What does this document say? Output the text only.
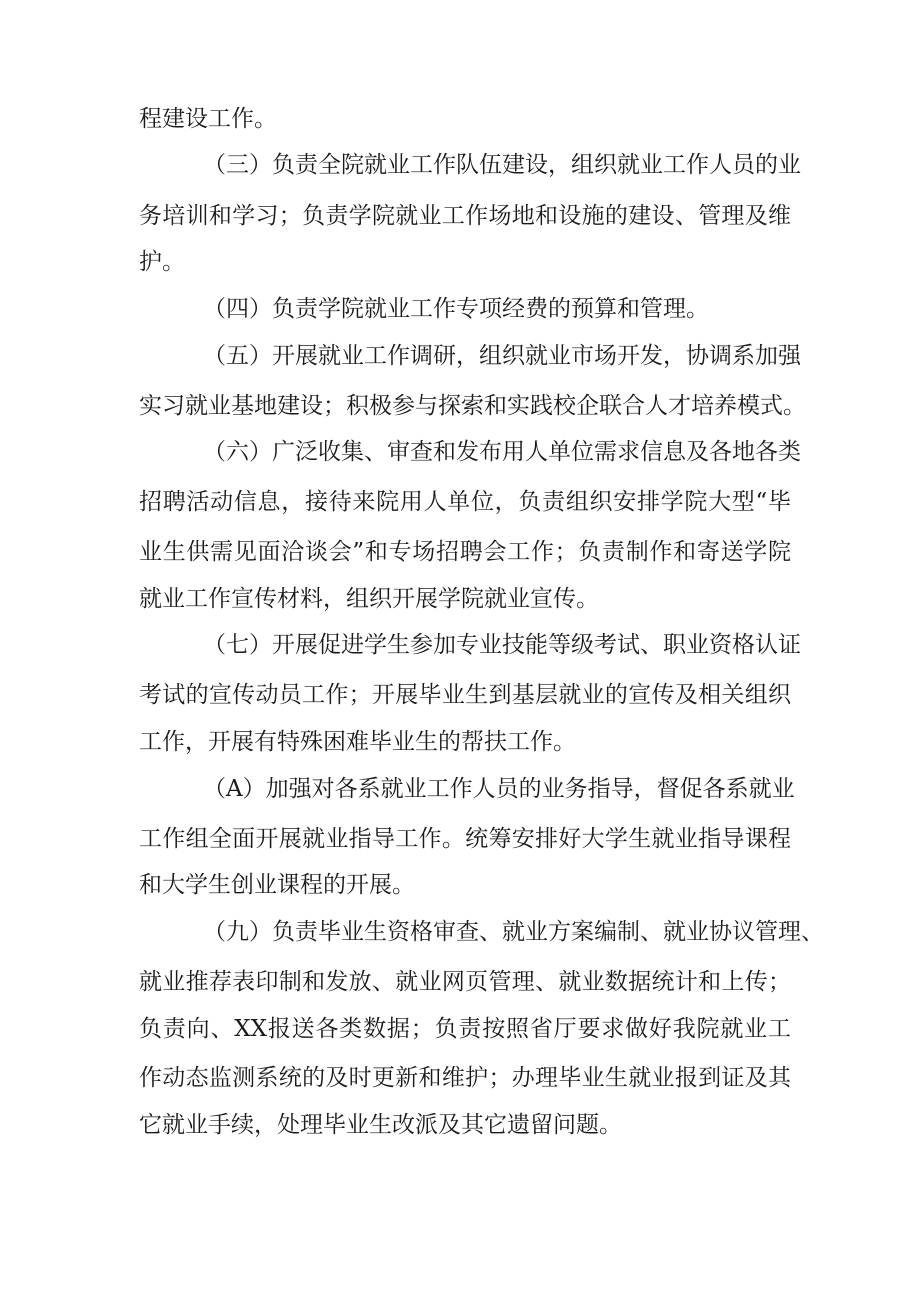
程建设工作。
（三）负责全院就业工作队伍建设，组织就业工作人员的业
务培训和学习；负责学院就业工作场地和设施的建设、管理及维
护。
（四）负责学院就业工作专项经费的预算和管理。
（五）开展就业工作调研，组织就业市场开发，协调系加强
实习就业基地建设；积极参与探索和实践校企联合人才培养模式。
（六）广泛收集、审查和发布用人单位需求信息及各地各类
招聘活动信息，接待来院用人单位，负责组织安排学院大型“毕
业生供需见面洽谈会”和专场招聘会工作；负责制作和寄送学院
就业工作宣传材料，组织开展学院就业宣传。
（七）开展促进学生参加专业技能等级考试、职业资格认证
考试的宣传动员工作；开展毕业生到基层就业的宣传及相关组织
工作，开展有特殊困难毕业生的帮扶工作。
（A）加强对各系就业工作人员的业务指导，督促各系就业
工作组全面开展就业指导工作。统筹安排好大学生就业指导课程
和大学生创业课程的开展。
（九）负责毕业生资格审查、就业方案编制、就业协议管理、
就业推荐表印制和发放、就业网页管理、就业数据统计和上传；
负责向、XX报送各类数据；负责按照省厅要求做好我院就业工
作动态监测系统的及时更新和维护；办理毕业生就业报到证及其
它就业手续，处理毕业生改派及其它遗留问题。
